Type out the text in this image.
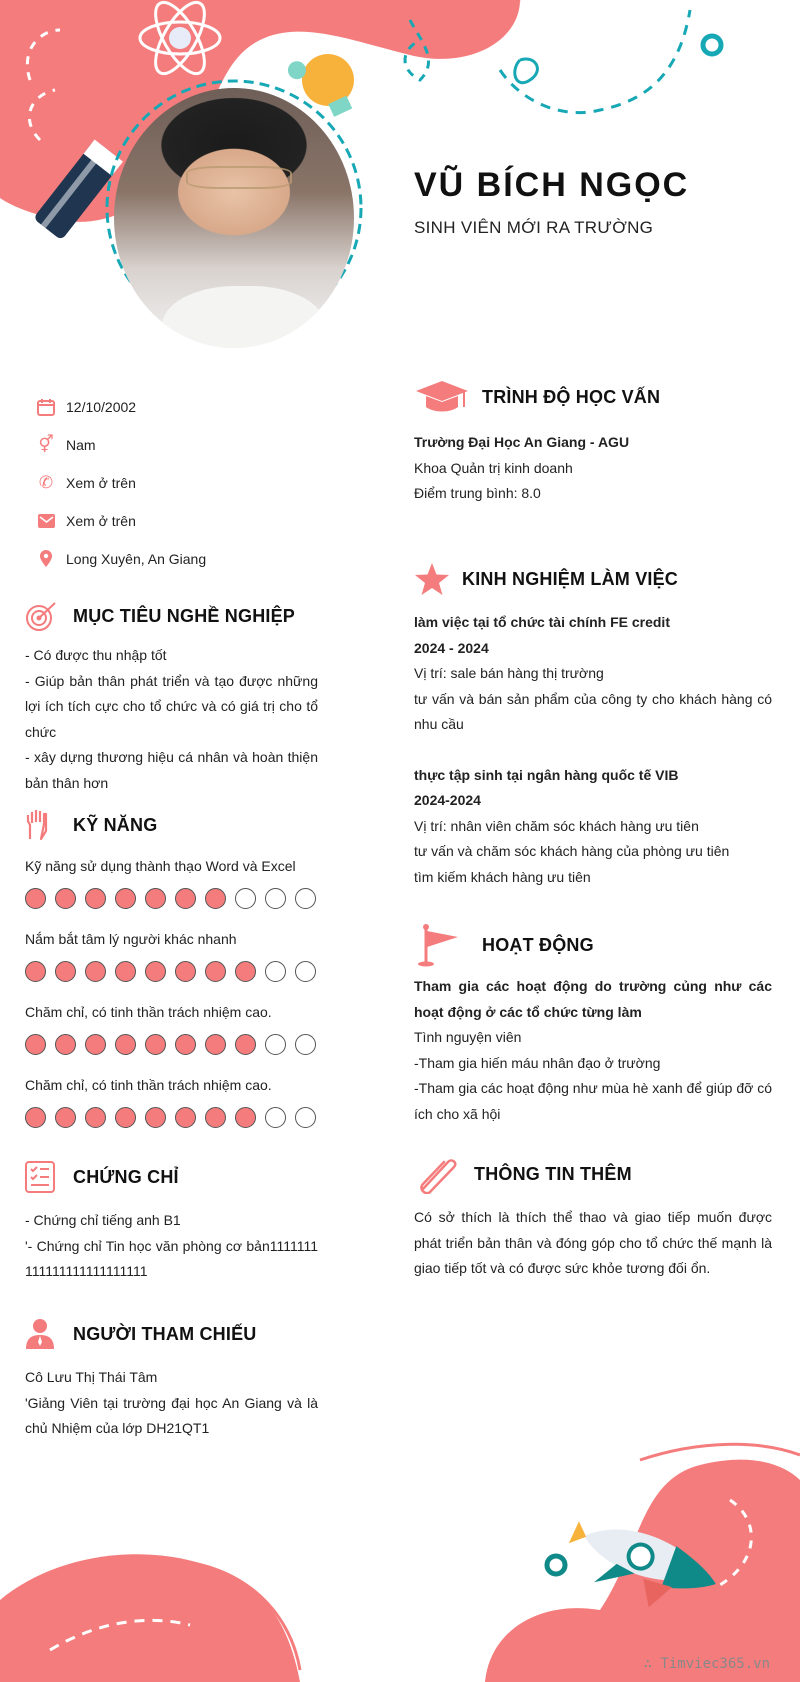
VŨ BÍCH NGỌC
SINH VIÊN MỚI RA TRƯỜNG
12/10/2002
⚥ Nam
✆ Xem ở trên
Xem ở trên
Long Xuyên, An Giang
MỤC TIÊU NGHỀ NGHIỆP
- Có được thu nhập tốt
- Giúp bản thân phát triển và tạo được những lợi ích tích cực cho tổ chức và có giá trị cho tổ chức
- xây dựng thương hiệu cá nhân và hoàn thiện bản thân hơn
KỸ NĂNG
Kỹ năng sử dụng thành thạo Word và Excel
Nắm bắt tâm lý người khác nhanh
Chăm chỉ, có tinh thần trách nhiệm cao.
Chăm chỉ, có tinh thần trách nhiệm cao.
CHỨNG CHỈ
- Chứng chỉ tiếng anh B1
'- Chứng chỉ Tin học văn phòng cơ bản1111111111111111111111111
NGƯỜI THAM CHIẾU
Cô Lưu Thị Thái Tâm
'Giảng Viên tại trường đại học An Giang và là chủ Nhiệm của lớp DH21QT1
TRÌNH ĐỘ HỌC VẤN
Trường Đại Học An Giang - AGU
Khoa Quản trị kinh doanh
Điểm trung bình: 8.0
KINH NGHIỆM LÀM VIỆC
làm việc tại tổ chức tài chính FE credit
2024 - 2024
Vị trí: sale bán hàng thị trường
tư vấn và bán sản phẩm của công ty cho khách hàng có nhu cầu
thực tập sinh tại ngân hàng quốc tế VIB
2024-2024
Vị trí: nhân viên chăm sóc khách hàng ưu tiên
tư vấn và chăm sóc khách hàng của phòng ưu tiên
tìm kiếm khách hàng ưu tiên
HOẠT ĐỘNG
Tham gia các hoạt động do trường củng như các hoạt động ở các tổ chức từng làm
Tình nguyện viên
-Tham gia hiến máu nhân đạo ở trường
-Tham gia các hoạt động như mùa hè xanh để giúp đỡ có ích cho xã hội
THÔNG TIN THÊM
Có sở thích là thích thể thao và giao tiếp muốn được phát triển bản thân và đóng góp cho tổ chức thế mạnh là giao tiếp tốt và có được sức khỏe tương đối ổn.
∴ Timviec365.vn
